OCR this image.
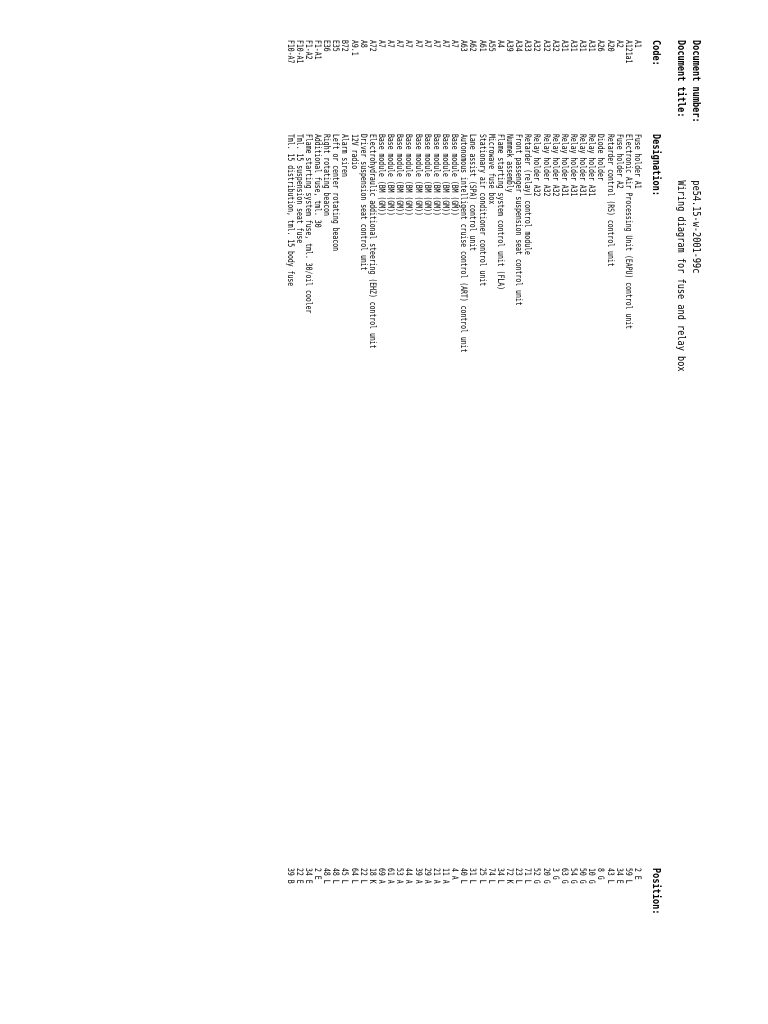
Document number:
pe54.15-w-2001-99c
Document title:
Wiring diagram for fuse and relay box
Code:
Designation:
Position:
A1
Fuse holder A1
2 E
A121a1
Electronic Air Processing Unit (EAPU) control unit
59 L
A2
Fuse holder A2
34 E
A20
Retarder control (RS) control unit
43 L
A26
Diode holder
8 G
A31
Relay holder A31
10 G
A31
Relay holder A31
50 G
A31
Relay holder A31
54 G
A31
Relay holder A31
63 G
A32
Relay holder A32
3 G
A32
Relay holder A32
20 G
A32
Relay holder A32
52 G
A33
Retarder (relay) control module
71 L
A34
Front passenger suspension seat control unit
23 L
A39
Nummek assembly
72 K
A4
Flame starting system control unit (FLA)
34 L
A55
Microwave fuse box
74 L
A61
Stationary air conditioner control unit
25 L
A62
Lane assist (SPA) control unit
31 L
A63
Autonomous intelligent cruise control (ART) control unit
40 L
A7
Base module (BM (GM))
4 A
A7
Base module (BM (GM))
11 A
A7
Base module (BM (GM))
21 A
A7
Base module (BM (GM))
29 A
A7
Base module (BM (GM))
39 A
A7
Base module (BM (GM))
44 A
A7
Base module (BM (GM))
53 A
A7
Base module (BM (GM))
61 A
A7
Base module (BM (GM))
69 A
A72
Electrohydraulic additional steering (EHZ) control unit
18 K
A8
Driver suspension seat control unit
22 L
A9.1
12V radio
64 L
B72
Alarm siren
45 L
E35
Left or center rotating beacon
48 L
E36
Right rotating beacon
48 L
F1-A1
Additional fuse, tml. 30
2 E
F1-A2
Flame starting system fuse, tml. 30/oil cooler
34 E
F10-A1
Tml. 15 suspension seat fuse
22 E
F10-A7
Tml. 15 distribution, tml. 15 body fuse
39 B
